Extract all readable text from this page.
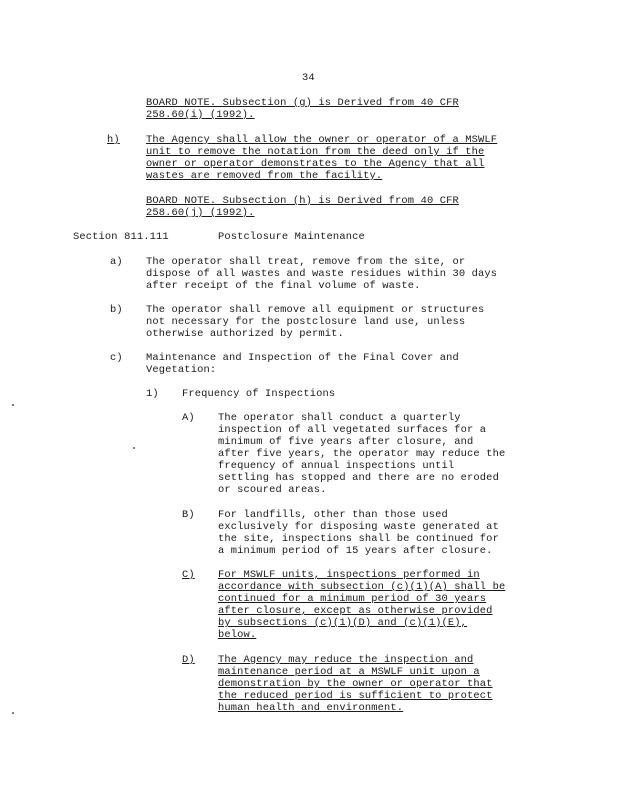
34
BOARD NOTE. Subsection (g) is Derived from 40 CFR
258.60(i) (1992).
h)	The Agency shall allow the owner or operator of a MSWLF
unit to remove the notation from the deed only if the
owner or operator demonstrates to the Agency that all
wastes are removed from the facility.
BOARD NOTE. Subsection (h) is Derived from 40 CFR
258.60(j) (1992).
Section 811.111	Postclosure Maintenance
a) The operator shall treat, remove from the site, or
dispose of all wastes and waste residues within 30 days
after receipt of the final volume of waste.
b) The operator shall remove all equipment or structures
not necessary for the postclosure land use, unless
otherwise authorized by permit.
c) Maintenance and Inspection of the Final Cover and
Vegetation:
1) Frequency of Inspections
A) The operator shall conduct a quarterly
inspection of all vegetated surfaces for a
minimum of five years after closure, and
after five years, the operator may reduce the
frequency of annual inspections until
settling has stopped and there are no eroded
or scoured areas.
B) For landfills, other than those used
exclusively for disposing waste generated at
the site, inspections shall be continued for
a minimum period of 15 years after closure.
C) For MSWLF units, inspections performed in
accordance with subsection (c)(1)(A) shall be
continued for a minimum period of 30 years
after closure, except as otherwise provided
by subsections (c)(1)(D) and (c)(1)(E),
below.
D) The Agency may reduce the inspection and
maintenance period at a MSWLF unit upon a
demonstration by the owner or operator that
the reduced period is sufficient to protect
human health and environment.
